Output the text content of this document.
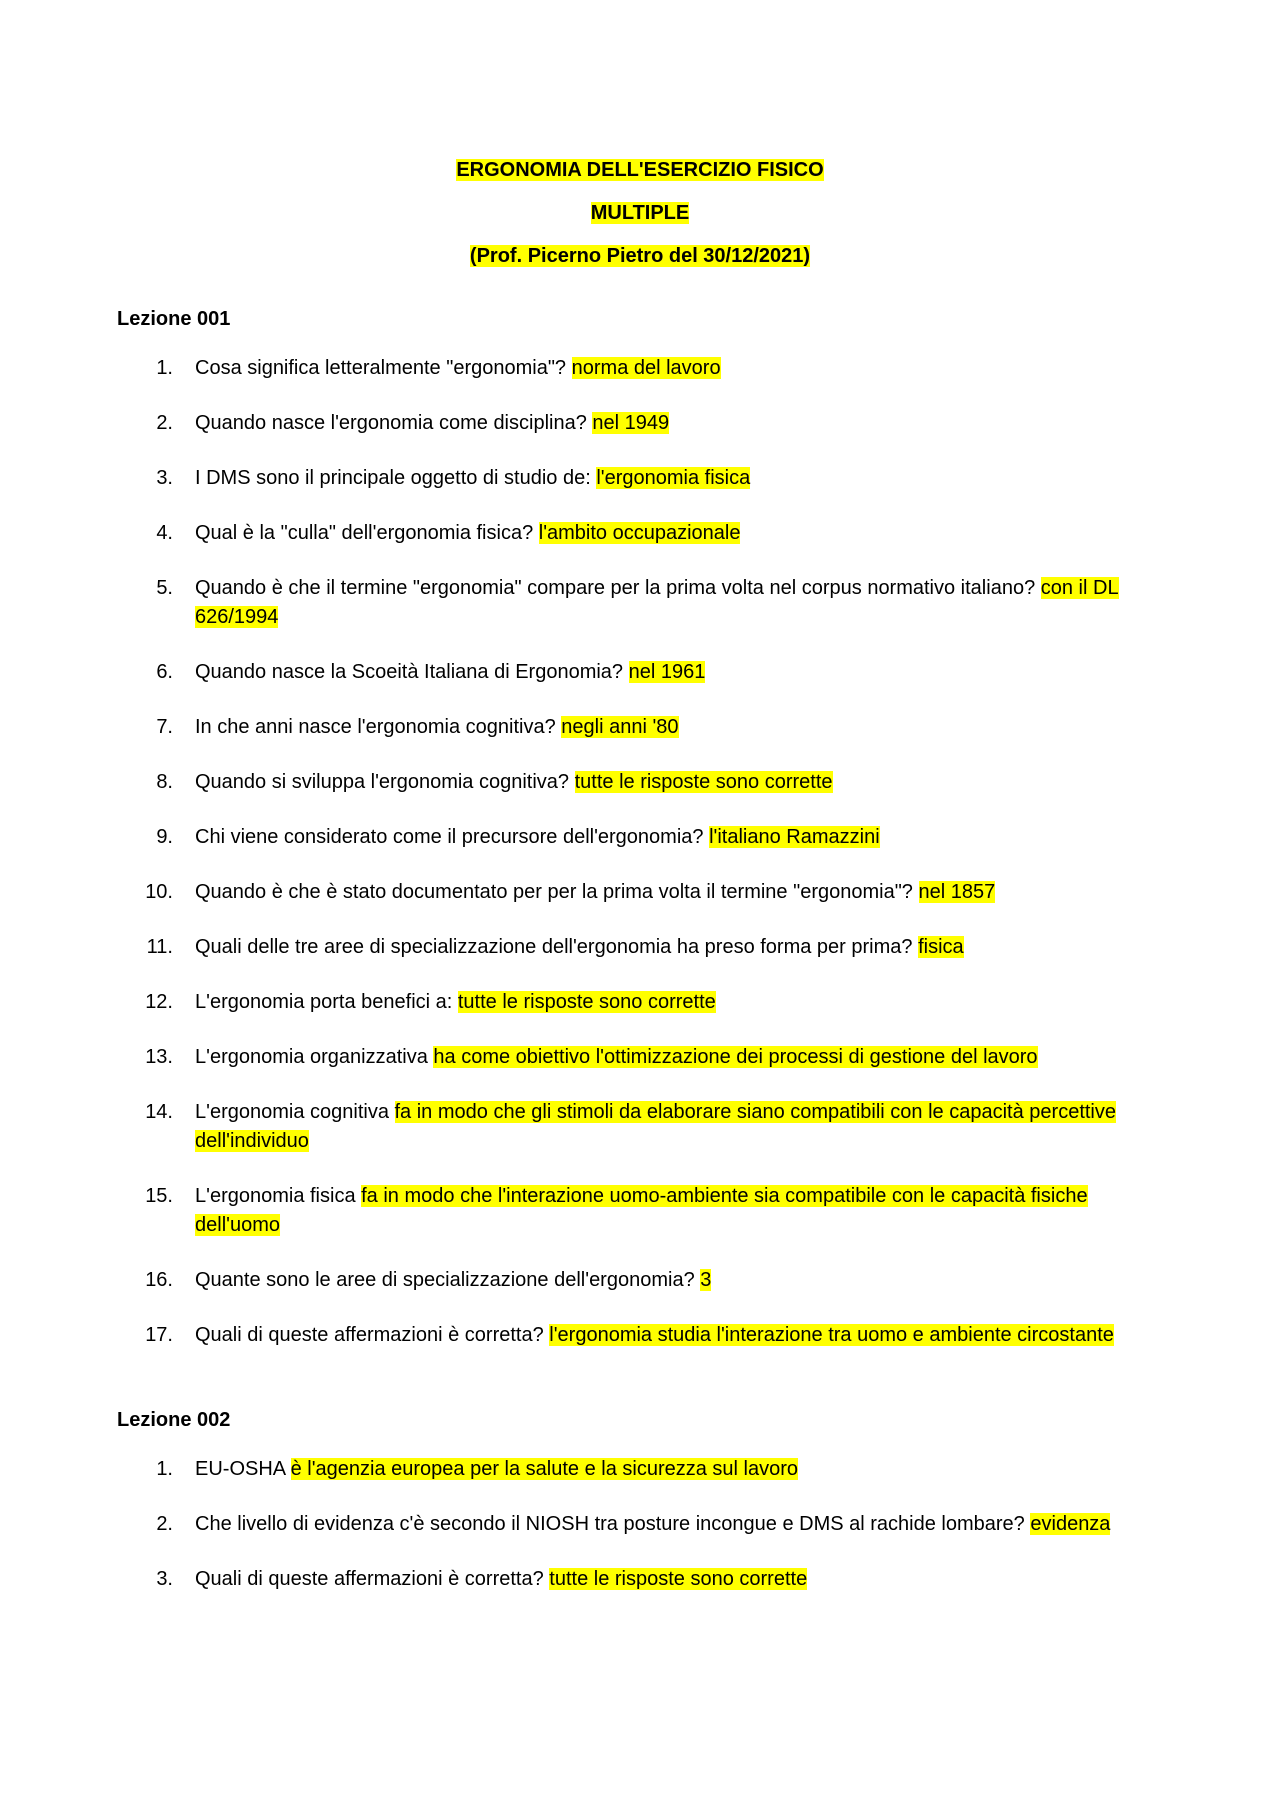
ERGONOMIA DELL'ESERCIZIO FISICO
MULTIPLE
(Prof. Picerno Pietro del 30/12/2021)
Lezione 001
1. Cosa significa letteralmente "ergonomia"? norma del lavoro
2. Quando nasce l'ergonomia come disciplina? nel 1949
3. I DMS sono il principale oggetto di studio de: l'ergonomia fisica
4. Qual è la "culla" dell'ergonomia fisica? l'ambito occupazionale
5. Quando è che il termine "ergonomia" compare per la prima volta nel corpus normativo italiano? con il DL 626/1994
6. Quando nasce la Scoeità Italiana di Ergonomia? nel 1961
7. In che anni nasce l'ergonomia cognitiva? negli anni '80
8. Quando si sviluppa l'ergonomia cognitiva? tutte le risposte sono corrette
9. Chi viene considerato come il precursore dell'ergonomia? l'italiano Ramazzini
10. Quando è che è stato documentato per per la prima volta il termine "ergonomia"? nel 1857
11. Quali delle tre aree di specializzazione dell'ergonomia ha preso forma per prima? fisica
12. L'ergonomia porta benefici a: tutte le risposte sono corrette
13. L'ergonomia organizzativa ha come obiettivo l'ottimizzazione dei processi di gestione del lavoro
14. L'ergonomia cognitiva fa in modo che gli stimoli da elaborare siano compatibili con le capacità percettive dell'individuo
15. L'ergonomia fisica fa in modo che l'interazione uomo-ambiente sia compatibile con le capacità fisiche dell'uomo
16. Quante sono le aree di specializzazione dell'ergonomia? 3
17. Quali di queste affermazioni è corretta? l'ergonomia studia l'interazione tra uomo e ambiente circostante
Lezione 002
1. EU-OSHA è l'agenzia europea per la salute e la sicurezza sul lavoro
2. Che livello di evidenza c'è secondo il NIOSH tra posture incongue e DMS al rachide lombare? evidenza
3. Quali di queste affermazioni è corretta? tutte le risposte sono corrette
